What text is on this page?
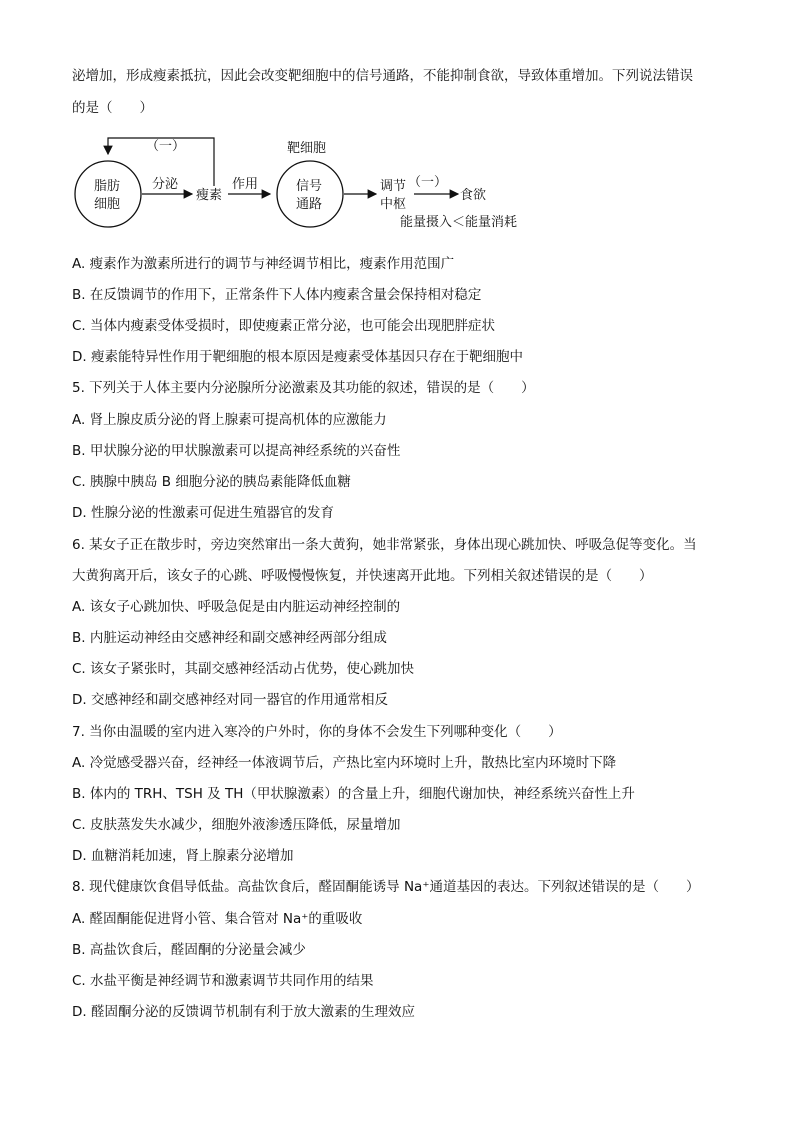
泌增加，形成瘦素抵抗，因此会改变靶细胞中的信号通路，不能抑制食欲，导致体重增加。下列说法错误
的是（　　）
（一）
脂肪
细胞
分泌
瘦素
作用
靶细胞
信号
通路
调节
中枢
（一）
食欲
能量摄入＜能量消耗
A. 瘦素作为激素所进行的调节与神经调节相比，瘦素作用范围广
B. 在反馈调节的作用下，正常条件下人体内瘦素含量会保持相对稳定
C. 当体内瘦素受体受损时，即使瘦素正常分泌，也可能会出现肥胖症状
D. 瘦素能特异性作用于靶细胞的根本原因是瘦素受体基因只存在于靶细胞中
5. 下列关于人体主要内分泌腺所分泌激素及其功能的叙述，错误的是（　　）
A. 肾上腺皮质分泌的肾上腺素可提高机体的应激能力
B. 甲状腺分泌的甲状腺激素可以提高神经系统的兴奋性
C. 胰腺中胰岛 B 细胞分泌的胰岛素能降低血糖
D. 性腺分泌的性激素可促进生殖器官的发育
6. 某女子正在散步时，旁边突然窜出一条大黄狗，她非常紧张，身体出现心跳加快、呼吸急促等变化。当
大黄狗离开后，该女子的心跳、呼吸慢慢恢复，并快速离开此地。下列相关叙述错误的是（　　）
A. 该女子心跳加快、呼吸急促是由内脏运动神经控制的
B. 内脏运动神经由交感神经和副交感神经两部分组成
C. 该女子紧张时，其副交感神经活动占优势，使心跳加快
D. 交感神经和副交感神经对同一器官的作用通常相反
7. 当你由温暖的室内进入寒冷的户外时，你的身体不会发生下列哪种变化（　　）
A. 冷觉感受器兴奋，经神经一体液调节后，产热比室内环境时上升，散热比室内环境时下降
B. 体内的 TRH、TSH 及 TH（甲状腺激素）的含量上升，细胞代谢加快，神经系统兴奋性上升
C. 皮肤蒸发失水减少，细胞外液渗透压降低，尿量增加
D. 血糖消耗加速，肾上腺素分泌增加
8. 现代健康饮食倡导低盐。高盐饮食后，醛固酮能诱导 Na⁺通道基因的表达。下列叙述错误的是（　　）
A. 醛固酮能促进肾小管、集合管对 Na⁺的重吸收
B. 高盐饮食后，醛固酮的分泌量会减少
C. 水盐平衡是神经调节和激素调节共同作用的结果
D. 醛固酮分泌的反馈调节机制有利于放大激素的生理效应
